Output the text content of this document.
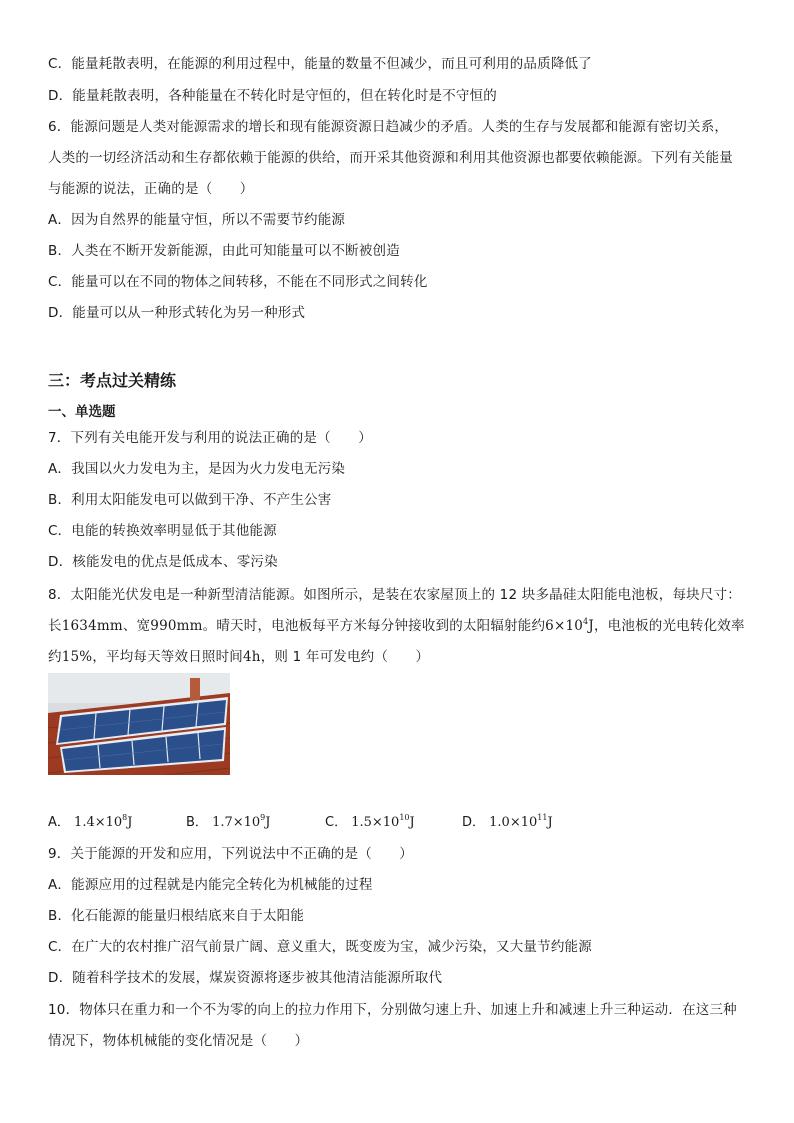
C．能量耗散表明，在能源的利用过程中，能量的数量不但减少，而且可利用的品质降低了
D．能量耗散表明，各种能量在不转化时是守恒的，但在转化时是不守恒的
6．能源问题是人类对能源需求的增长和现有能源资源日趋减少的矛盾。人类的生存与发展都和能源有密切关系，
人类的一切经济活动和生存都依赖于能源的供给，而开采其他资源和利用其他资源也都要依赖能源。下列有关能量
与能源的说法，正确的是（　　）
A．因为自然界的能量守恒，所以不需要节约能源
B．人类在不断开发新能源，由此可知能量可以不断被创造
C．能量可以在不同的物体之间转移，不能在不同形式之间转化
D．能量可以从一种形式转化为另一种形式
三：考点过关精练
一、单选题
7．下列有关电能开发与利用的说法正确的是（　　）
A．我国以火力发电为主，是因为火力发电无污染
B．利用太阳能发电可以做到干净、不产生公害
C．电能的转换效率明显低于其他能源
D．核能发电的优点是低成本、零污染
8．太阳能光伏发电是一种新型清洁能源。如图所示，是装在农家屋顶上的 12 块多晶硅太阳能电池板，每块尺寸：
长1634mm、宽990mm。晴天时，电池板每平方米每分钟接收到的太阳辐射能约$6\times 10^4J$，电池板的光电转化效率
约15%，平均每天等效日照时间4h，则 1 年可发电约（　　）
A． $1.4\times 10^8J$	B． $1.7\times 10^9J$	C． $1.5\times 10^{10}J$	D． $1.0\times 10^{11}J$
9．关于能源的开发和应用，下列说法中不正确的是（　　）
A．能源应用的过程就是内能完全转化为机械能的过程
B．化石能源的能量归根结底来自于太阳能
C．在广大的农村推广沼气前景广阔、意义重大，既变废为宝，减少污染，又大量节约能源
D．随着科学技术的发展，煤炭资源将逐步被其他清洁能源所取代
10．物体只在重力和一个不为零的向上的拉力作用下，分别做匀速上升、加速上升和减速上升三种运动．在这三种
情况下，物体机械能的变化情况是（　　）
